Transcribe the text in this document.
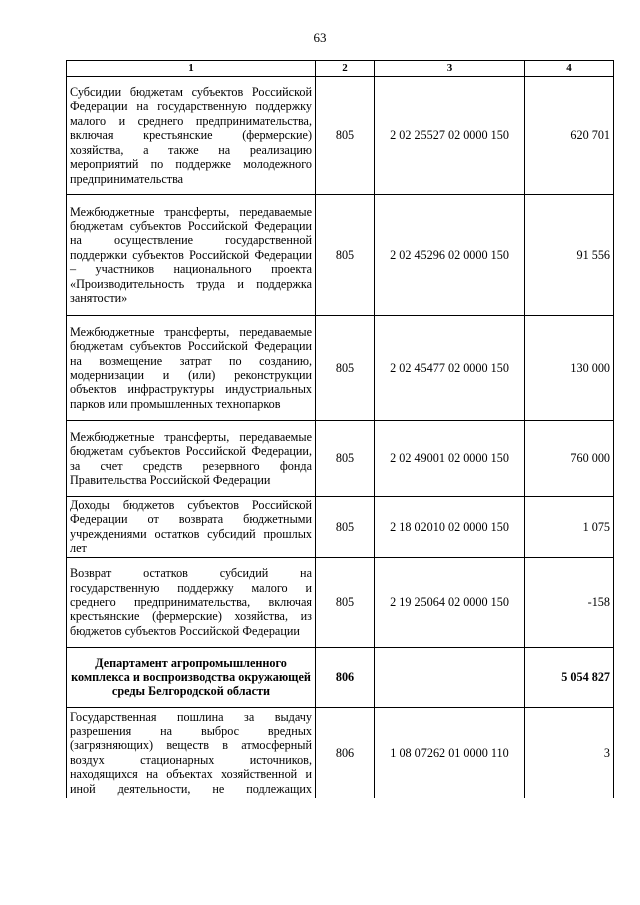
63
1	2	3	4
Субсидии бюджетам субъектов Российской Федерации на государственную поддержку малого и среднего предпринимательства, включая крестьянские (фермерские) хозяйства, а также на реализацию мероприятий по поддержке молодежного предпринимательства	805	2 02 25527 02 0000 150	620 701
Межбюджетные трансферты, передаваемые бюджетам субъектов Российской Федерации на осуществление государственной поддержки субъектов Российской Федерации – участников национального проекта «Производительность труда и поддержка занятости»	805	2 02 45296 02 0000 150	91 556
Межбюджетные трансферты, передаваемые бюджетам субъектов Российской Федерации на возмещение затрат по созданию, модернизации и (или) реконструкции объектов инфраструктуры индустриальных парков или промышленных технопарков	805	2 02 45477 02 0000 150	130 000
Межбюджетные трансферты, передаваемые бюджетам субъектов Российской Федерации, за счет средств резервного фонда Правительства Российской Федерации	805	2 02 49001 02 0000 150	760 000
Доходы бюджетов субъектов Российской Федерации от возврата бюджетными учреждениями остатков субсидий прошлых лет	805	2 18 02010 02 0000 150	1 075
Возврат остатков субсидий на государственную поддержку малого и среднего предпринимательства, включая крестьянские (фермерские) хозяйства, из бюджетов субъектов Российской Федерации	805	2 19 25064 02 0000 150	-158
Департамент агропромышленного комплекса и воспроизводства окружающей среды Белгородской области	806		5 054 827
Государственная пошлина за выдачу разрешения на выброс вредных (загрязняющих) веществ в атмосферный воздух стационарных источников, находящихся на объектах хозяйственной и иной деятельности, не подлежащих	806	1 08 07262 01 0000 110	3
